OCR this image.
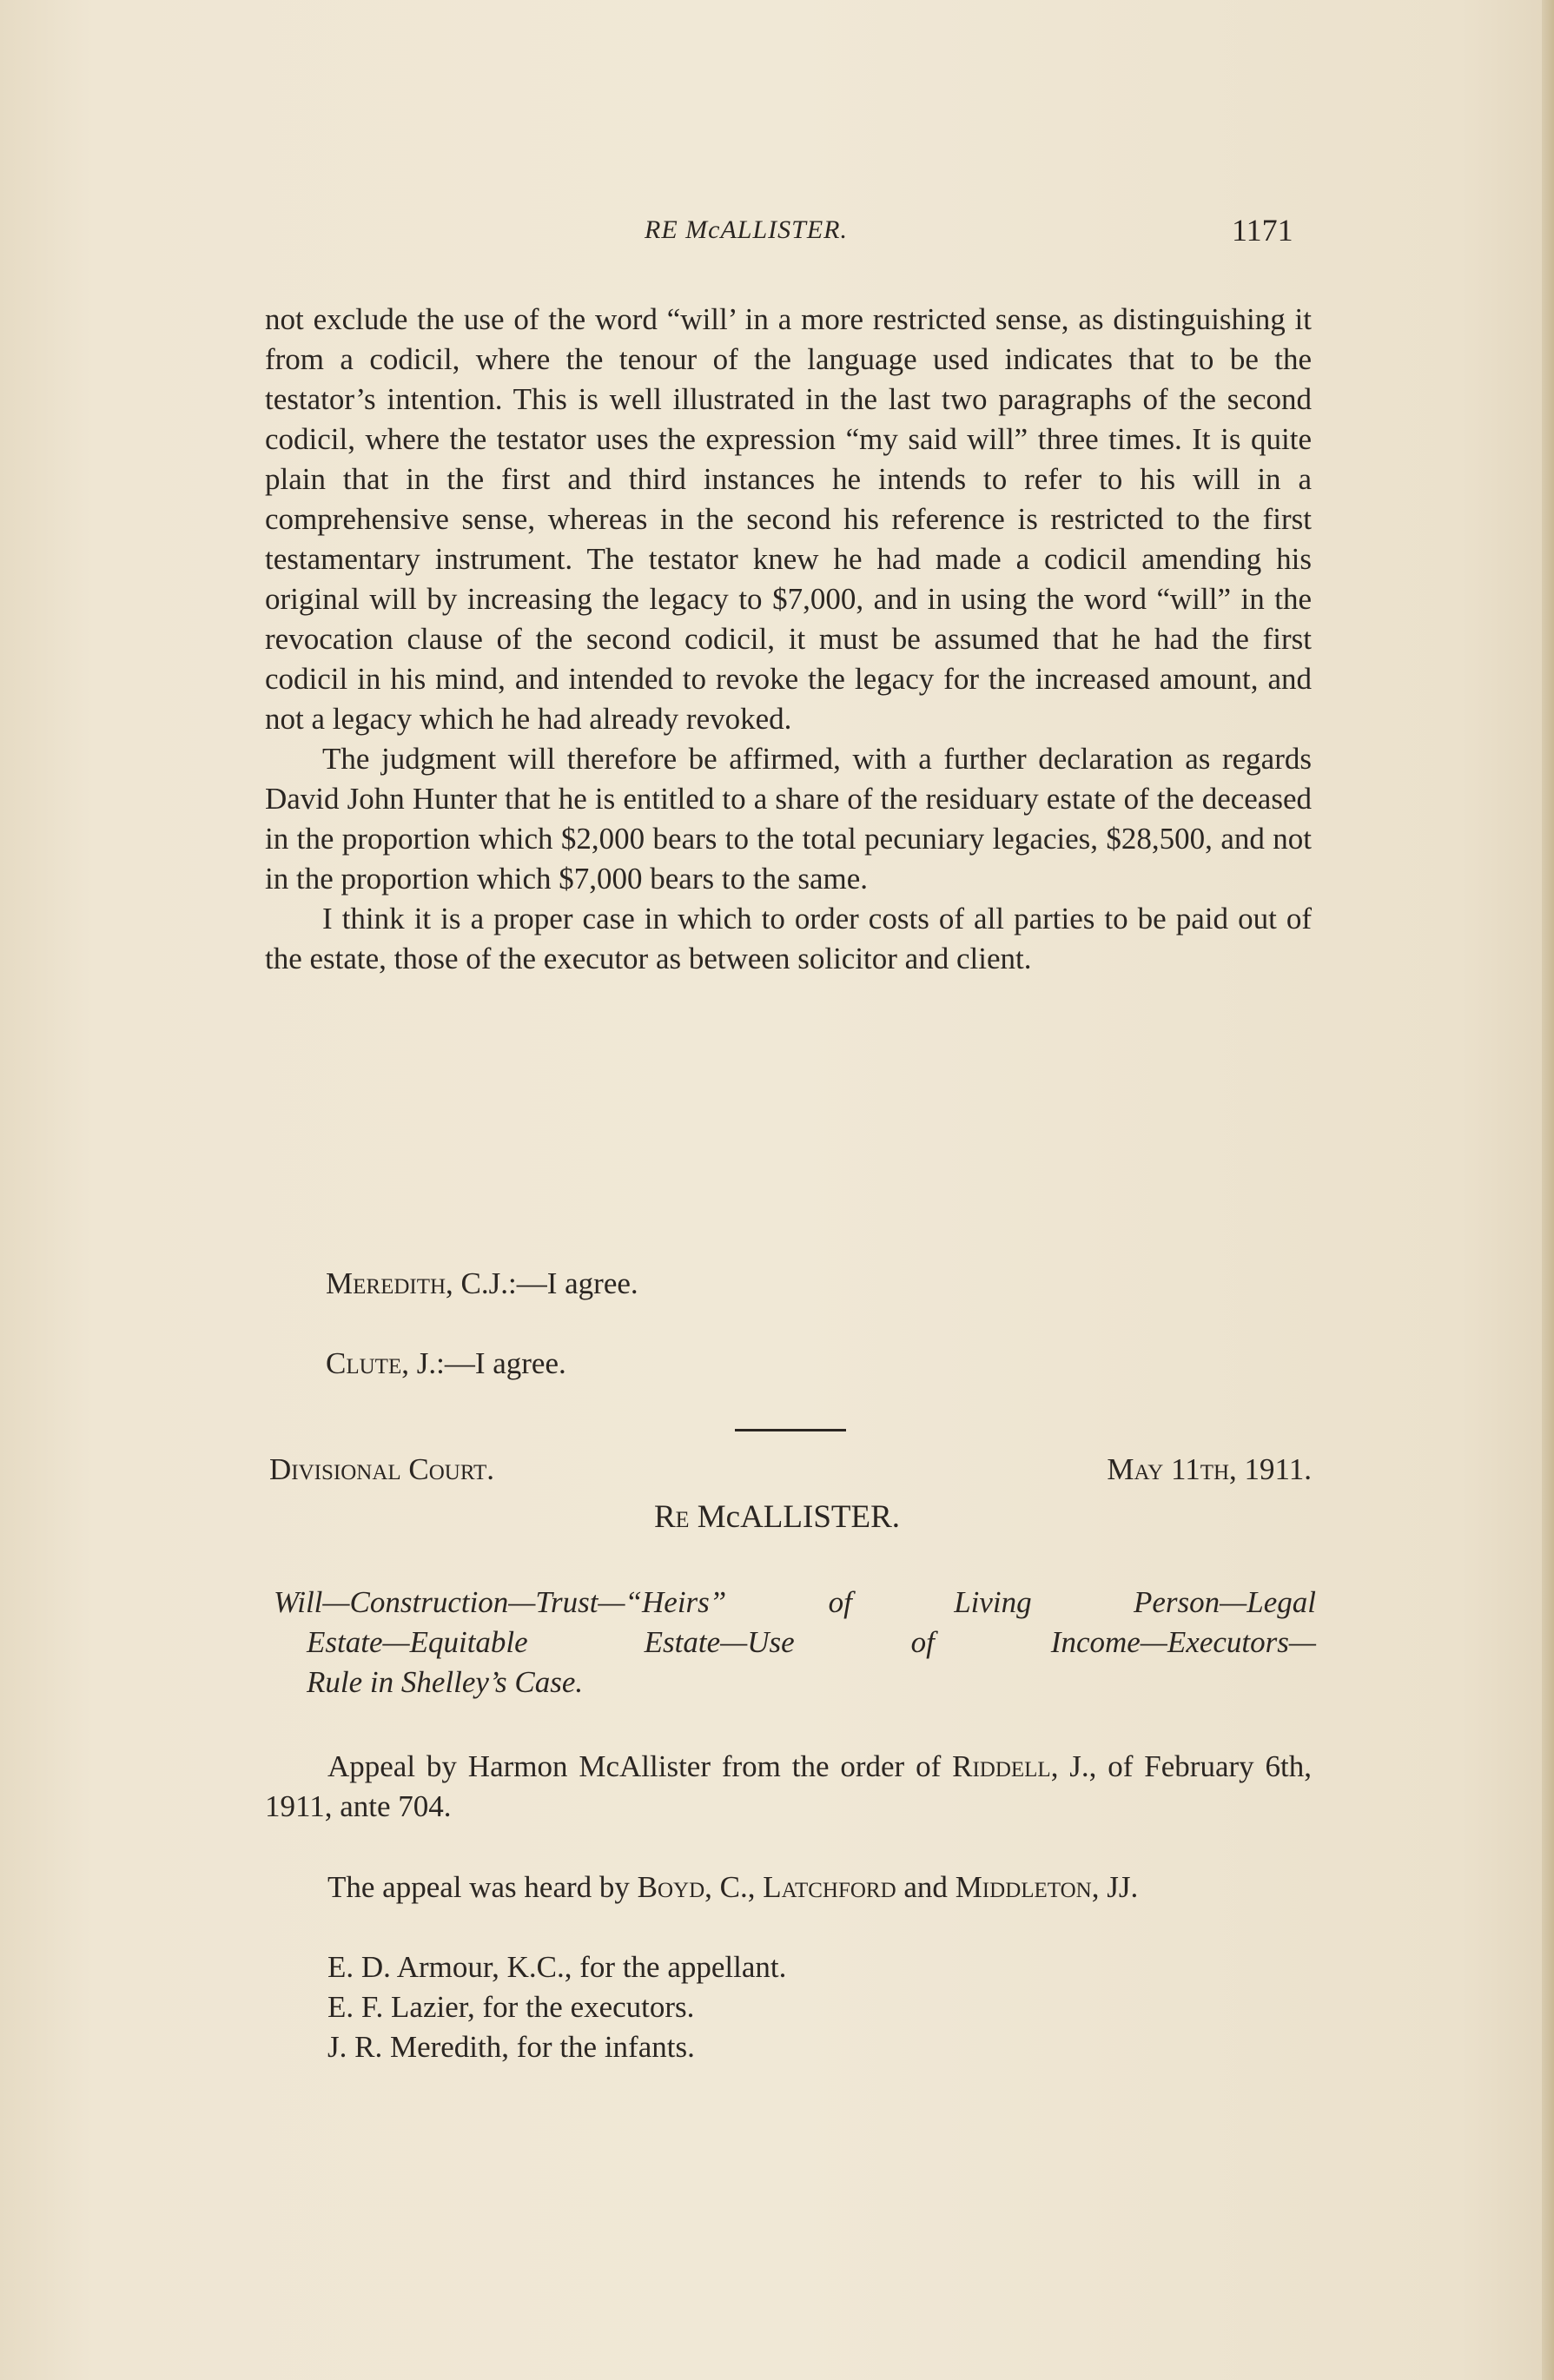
RE McALLISTER.	1171

not exclude the use of the word “will’ in a more restricted sense, as distinguishing it from a codicil, where the tenour of the language used indicates that to be the testator’s intention. This is well illustrated in the last two paragraphs of the second codicil, where the testator uses the expression “my said will” three times. It is quite plain that in the first and third instances he intends to refer to his will in a comprehensive sense, whereas in the second his reference is restricted to the first testamentary instrument. The testator knew he had made a codicil amending his original will by increasing the legacy to $7,000, and in using the word “will” in the revocation clause of the second codicil, it must be assumed that he had the first codicil in his mind, and intended to revoke the legacy for the increased amount, and not a legacy which he had already revoked.

The judgment will therefore be affirmed, with a further declaration as regards David John Hunter that he is entitled to a share of the residuary estate of the deceased in the proportion which $2,000 bears to the total pecuniary legacies, $28,500, and not in the proportion which $7,000 bears to the same.

I think it is a proper case in which to order costs of all parties to be paid out of the estate, those of the executor as between solicitor and client.

Meredith, C.J.:—I agree.
Clute, J.:—I agree.
Divisional Court.	May 11th, 1911.
Re McALLISTER.
Will—Construction—Trust—“Heirs” of Living Person—Legal
Estate—Equitable Estate—Use of Income—Executors—
Rule in Shelley’s Case.

Appeal by Harmon McAllister from the order of Riddell, J., of February 6th, 1911, ante 704.

The appeal was heard by Boyd, C., Latchford and Middleton, JJ.

E. D. Armour, K.C., for the appellant.
E. F. Lazier, for the executors.
J. R. Meredith, for the infants.
